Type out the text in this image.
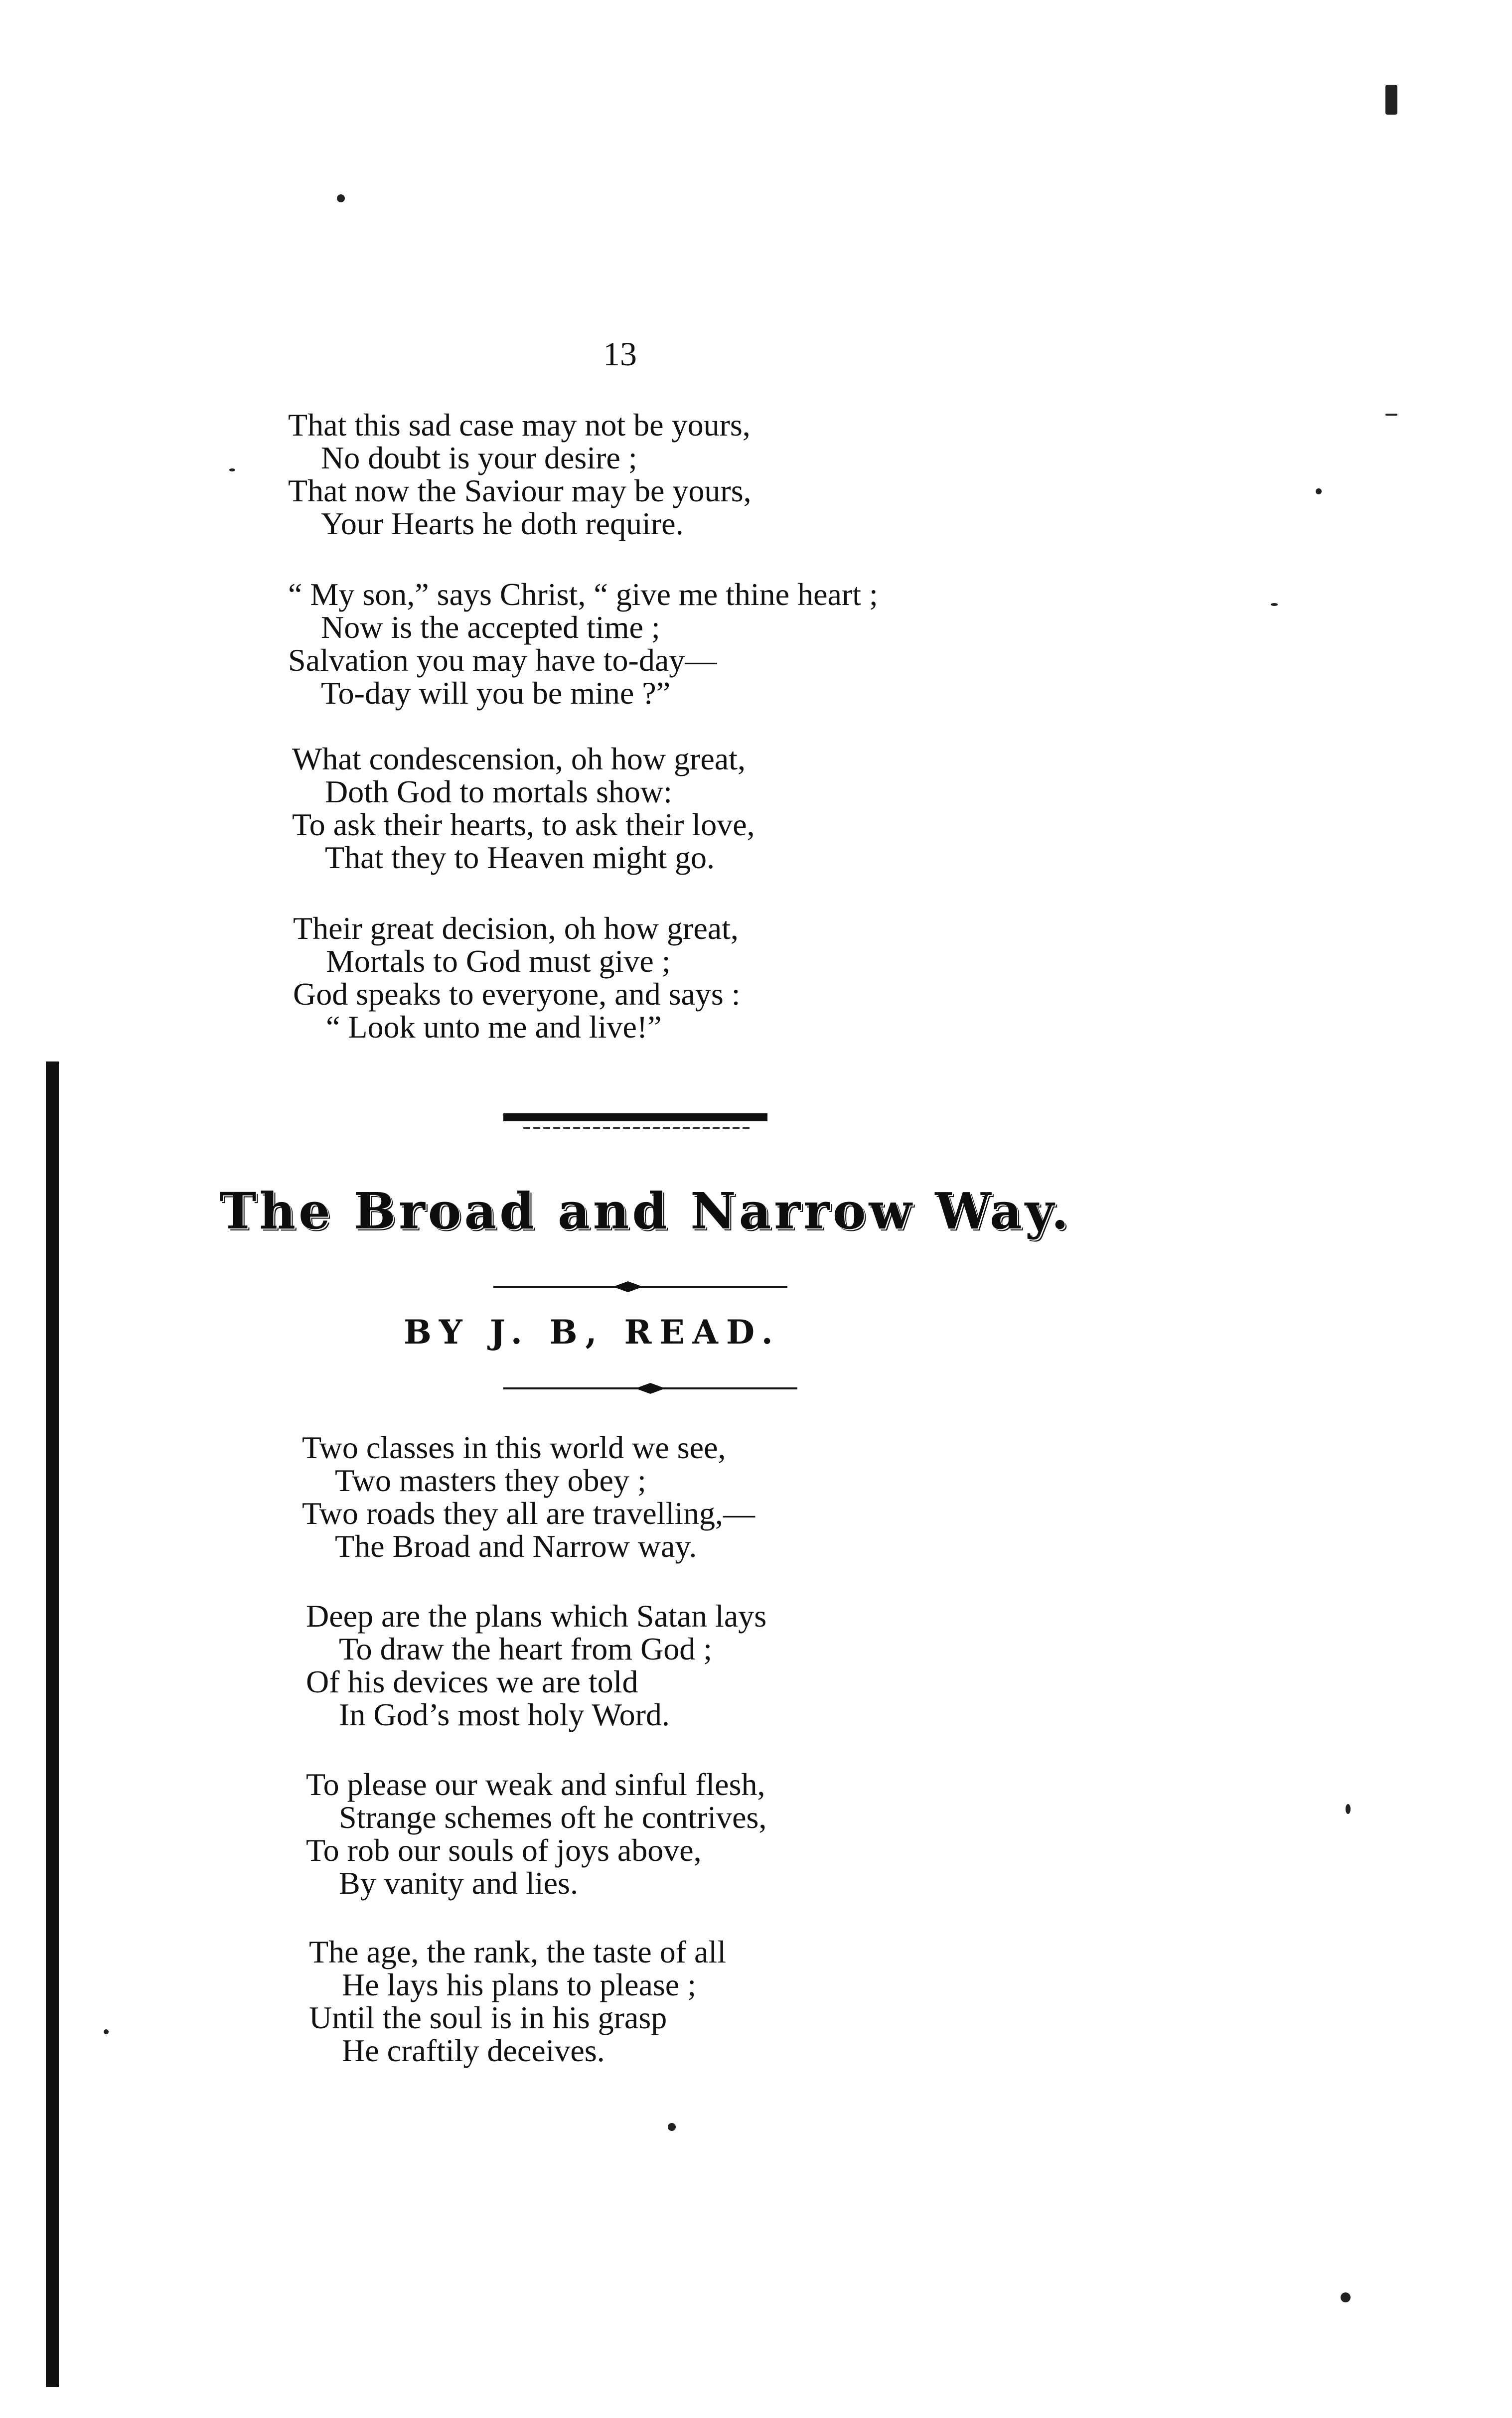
13
That this sad case may not be yours,
No doubt is your desire ;
That now the Saviour may be yours,
Your Hearts he doth require.
“ My son,” says Christ, “ give me thine heart ;
Now is the accepted time ;
Salvation you may have to-day—
To-day will you be mine ?”
What condescension, oh how great,
Doth God to mortals show:
To ask their hearts, to ask their love,
That they to Heaven might go.
Their great decision, oh how great,
Mortals to God must give ;
God speaks to everyone, and says :
“ Look unto me and live!”
The Broad and Narrow Way.
BY J. B, READ.
Two classes in this world we see,
Two masters they obey ;
Two roads they all are travelling,—
The Broad and Narrow way.
Deep are the plans which Satan lays
To draw the heart from God ;
Of his devices we are told
In God’s most holy Word.
To please our weak and sinful flesh,
Strange schemes oft he contrives,
To rob our souls of joys above,
By vanity and lies.
The age, the rank, the taste of all
He lays his plans to please ;
Until the soul is in his grasp
He craftily deceives.
